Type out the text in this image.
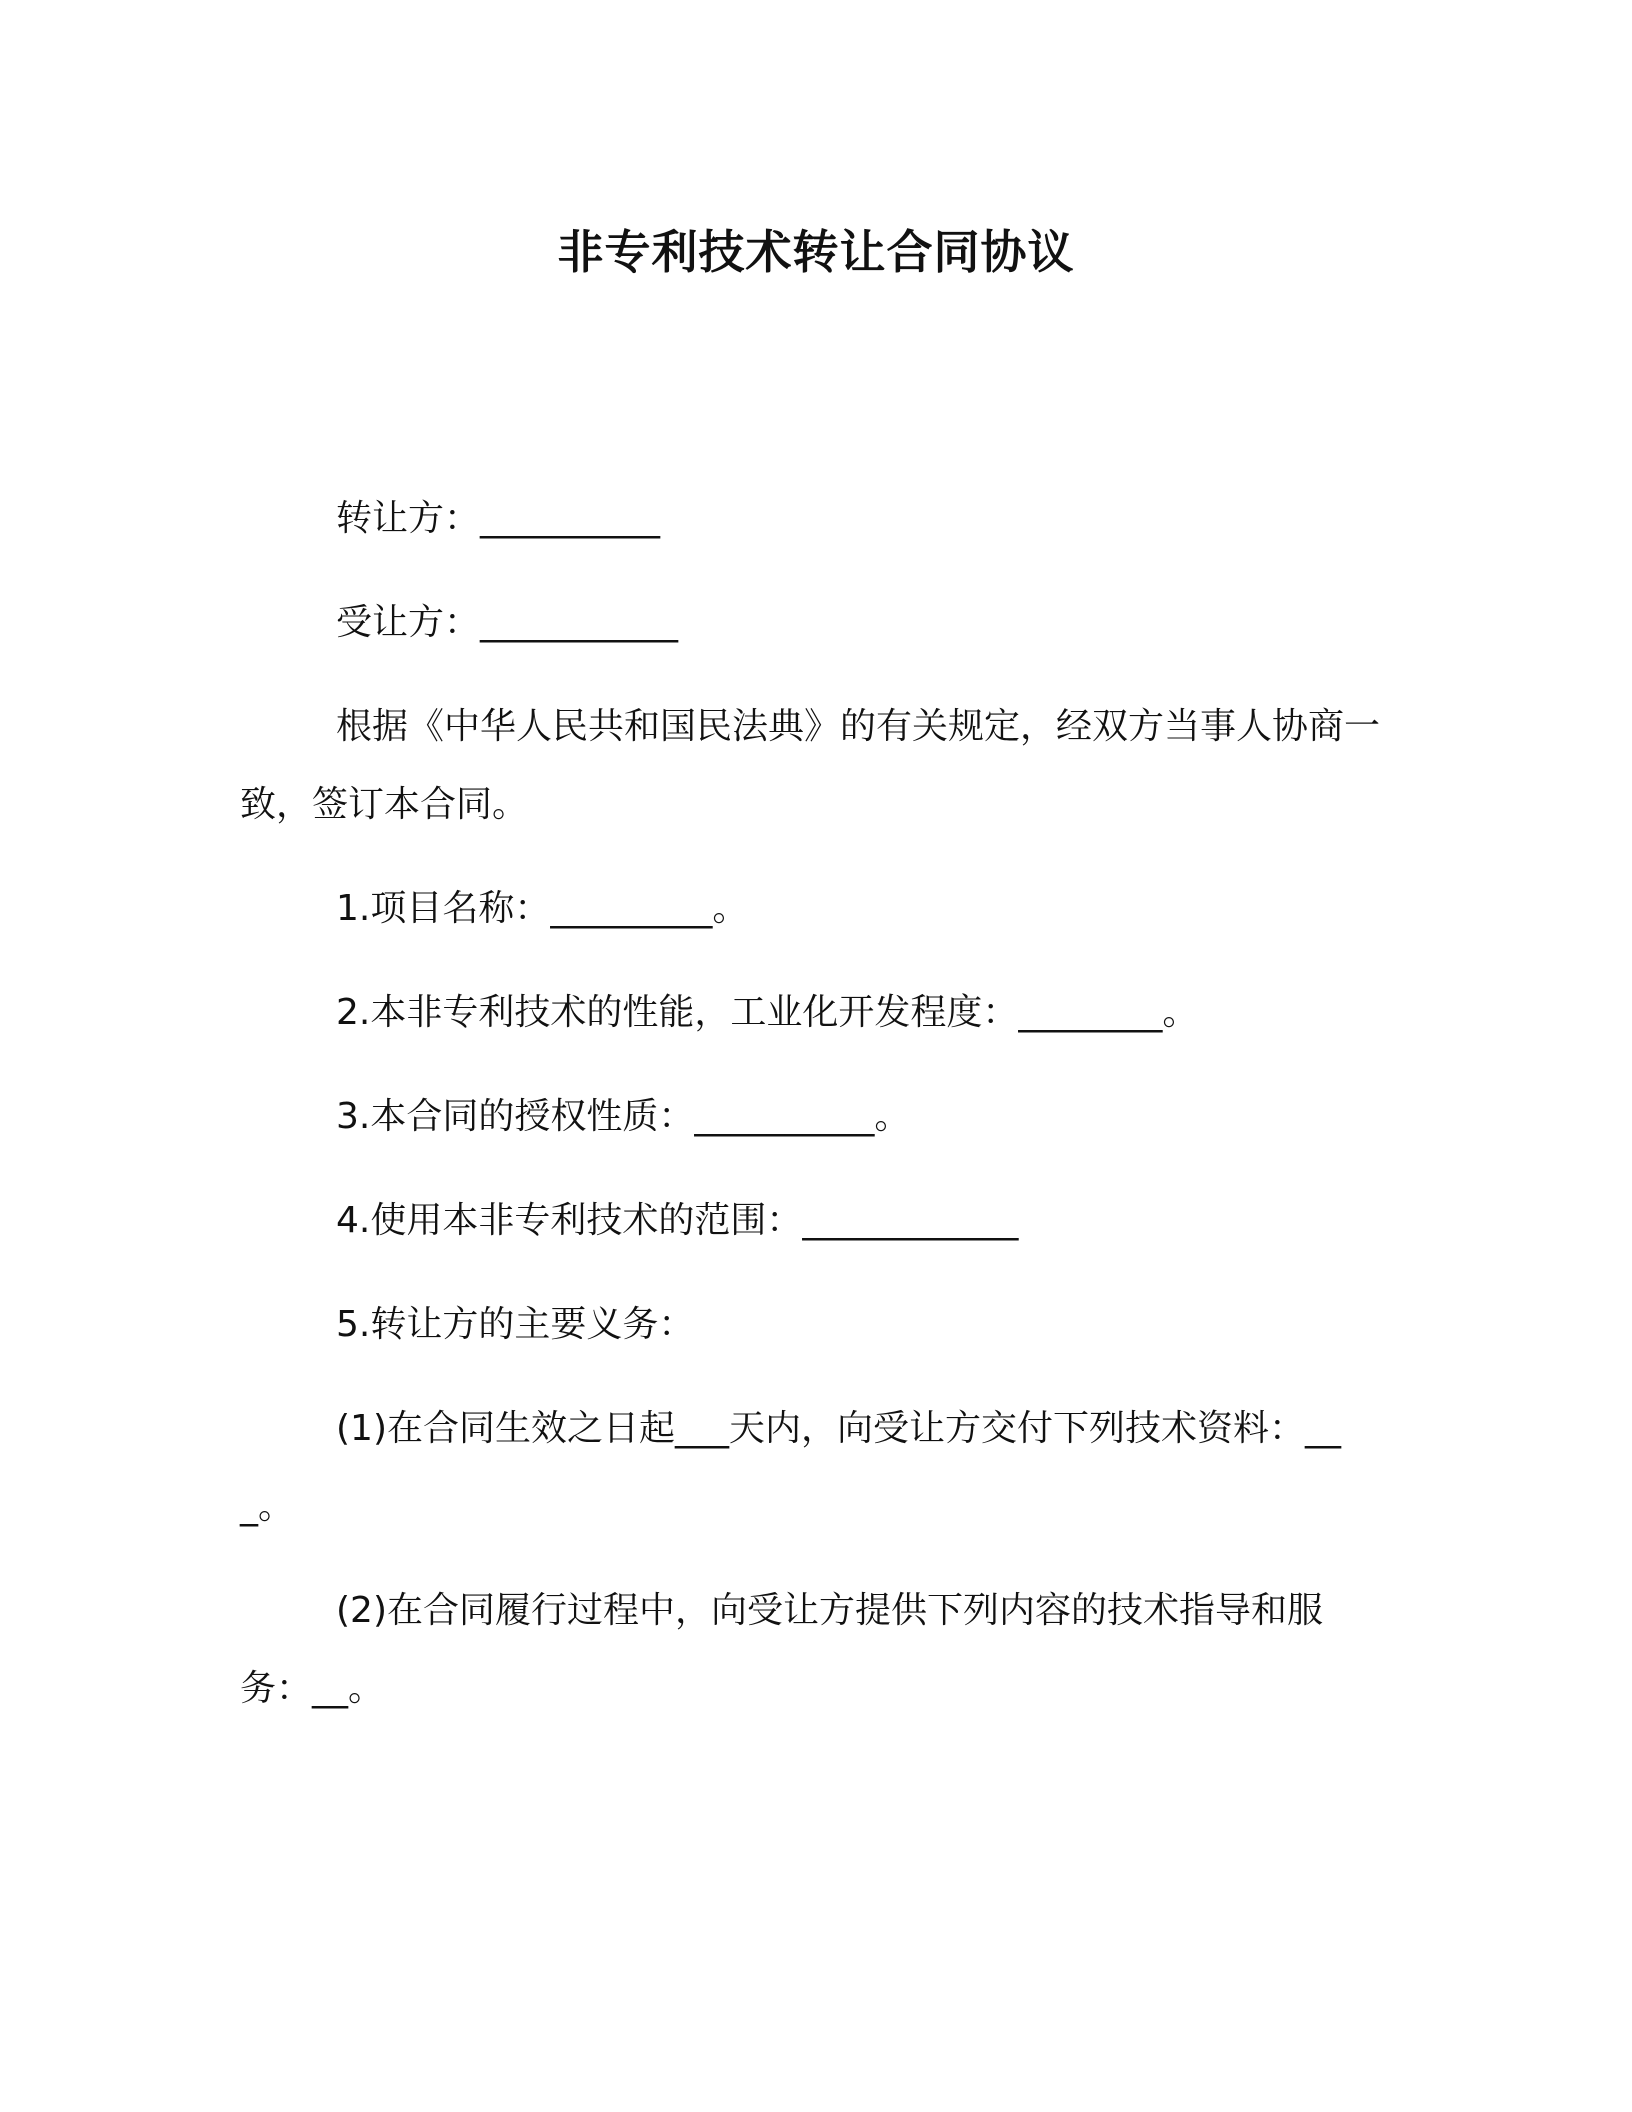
非专利技术转让合同协议

转让方：__________

受让方：___________

根据《中华人民共和国民法典》的有关规定，经双方当事人协商一致，签订本合同。

1.项目名称：_________。

2.本非专利技术的性能，工业化开发程度：________。

3.本合同的授权性质：__________。

4.使用本非专利技术的范围：____________

5.转让方的主要义务：

(1)在合同生效之日起___天内，向受让方交付下列技术资料：___。

(2)在合同履行过程中，向受让方提供下列内容的技术指导和服务：__。
